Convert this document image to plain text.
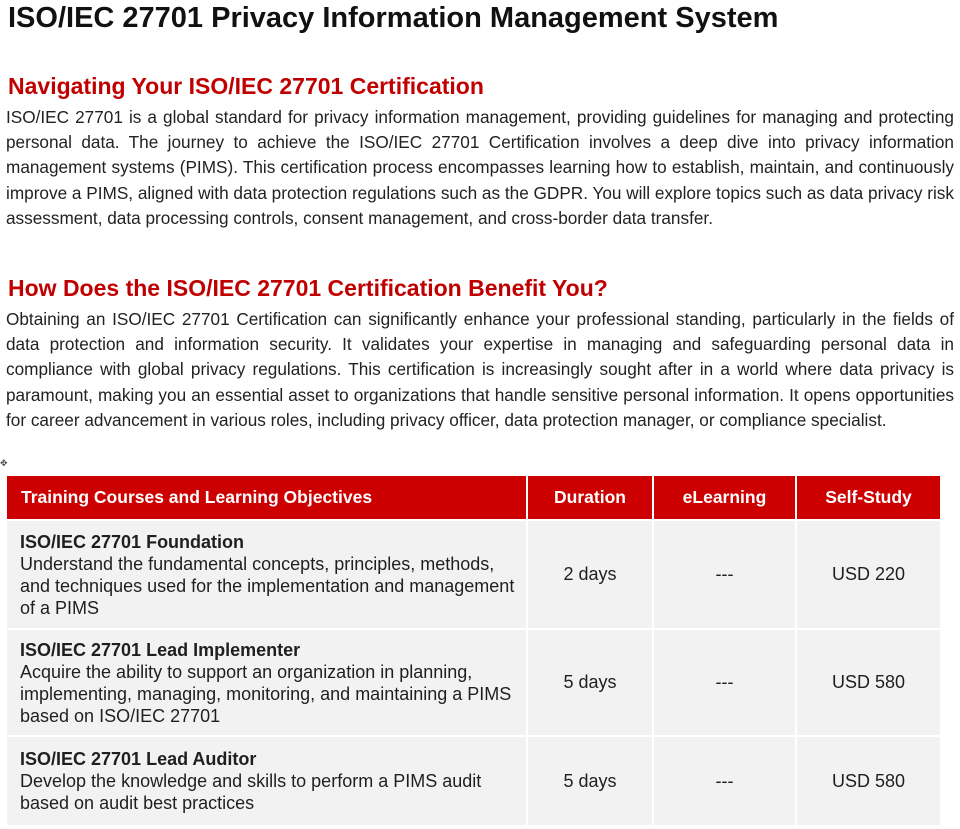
ISO/IEC 27701 Privacy Information Management System
Navigating Your ISO/IEC 27701 Certification

ISO/IEC 27701 is a global standard for privacy information management, providing guidelines for managing and protecting personal data. The journey to achieve the ISO/IEC 27701 Certification involves a deep dive into privacy information management systems (PIMS). This certification process encompasses learning how to establish, maintain, and continuously improve a PIMS, aligned with data protection regulations such as the GDPR. You will explore topics such as data privacy risk assessment, data processing controls, consent management, and cross-border data transfer.

How Does the ISO/IEC 27701 Certification Benefit You?

Obtaining an ISO/IEC 27701 Certification can significantly enhance your professional standing, particularly in the fields of data protection and information security. It validates your expertise in managing and safeguarding personal data in compliance with global privacy regulations. This certification is increasingly sought after in a world where data privacy is paramount, making you an essential asset to organizations that handle sensitive personal information. It opens opportunities for career advancement in various roles, including privacy officer, data protection manager, or compliance specialist.

✥
Training Courses and Learning Objectives	Duration	eLearning	Self-Study

ISO/IEC 27701 Foundation
Understand the fundamental concepts, principles, methods, and techniques used for the implementation and management of a PIMS	2 days	---	USD 220

ISO/IEC 27701 Lead Implementer
Acquire the ability to support an organization in planning, implementing, managing, monitoring, and maintaining a PIMS based on ISO/IEC 27701	5 days	---	USD 580

ISO/IEC 27701 Lead Auditor
Develop the knowledge and skills to perform a PIMS audit based on audit best practices	5 days	---	USD 580
